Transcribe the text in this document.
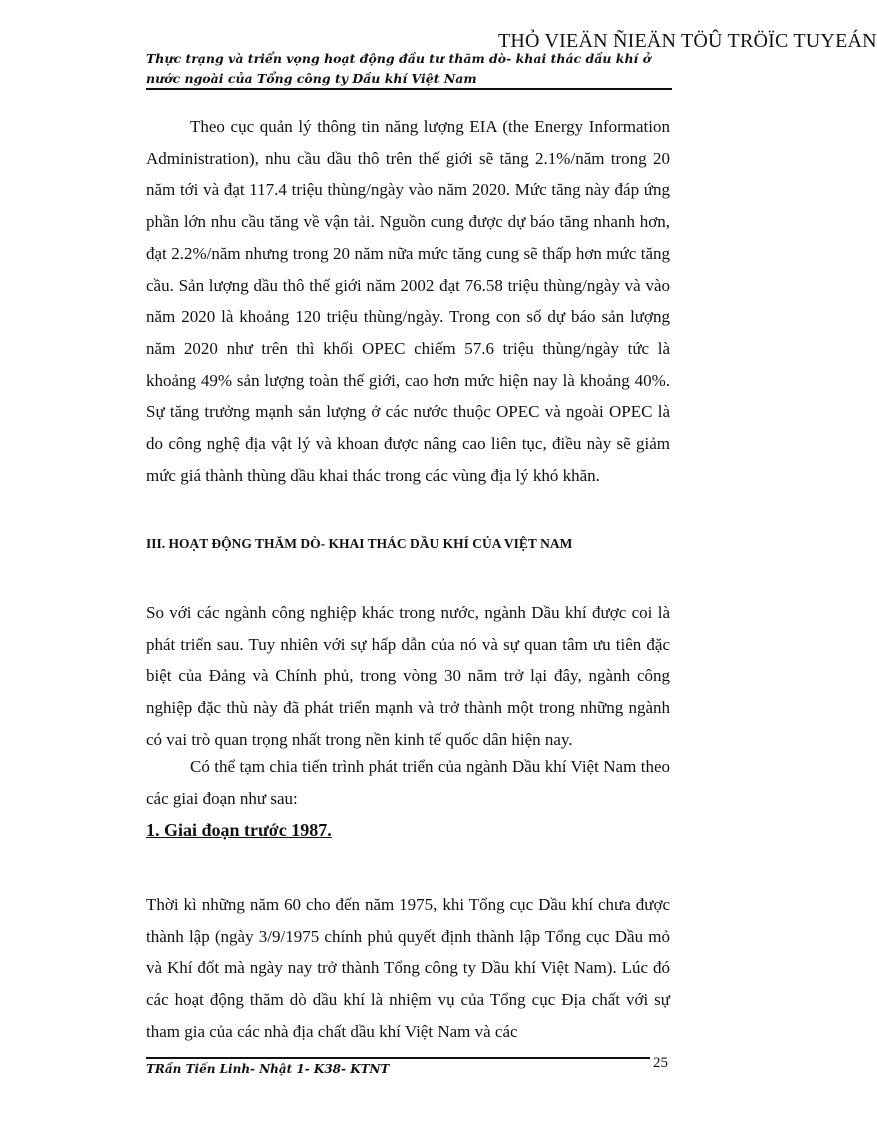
THỎ VIEÄN ÑIEÄN TÖÛ TRÖÏC TUYEÁN
Thực trạng và triển vọng hoạt động đầu tư thăm dò- khai thác dầu khí ở nước ngoài của Tổng công ty Dầu khí Việt Nam

Theo cục quản lý thông tin năng lượng EIA (the Energy Information Administration), nhu cầu dầu thô trên thế giới sẽ tăng 2.1%/năm trong 20 năm tới và đạt 117.4 triệu thùng/ngày vào năm 2020. Mức tăng này đáp ứng phần lớn nhu cầu tăng về vận tải. Nguồn cung được dự báo tăng nhanh hơn, đạt 2.2%/năm nhưng trong 20 năm nữa mức tăng cung sẽ thấp hơn mức tăng cầu. Sản lượng dầu thô thế giới năm 2002 đạt 76.58 triệu thùng/ngày và vào năm 2020 là khoảng 120 triệu thùng/ngày. Trong con số dự báo sản lượng năm 2020 như trên thì khối OPEC chiếm 57.6 triệu thùng/ngày tức là khoảng 49% sản lượng toàn thế giới, cao hơn mức hiện nay là khoảng 40%. Sự tăng trưởng mạnh sản lượng ở các nước thuộc OPEC và ngoài OPEC là do công nghệ địa vật lý và khoan được nâng cao liên tục, điều này sẽ giảm mức giá thành thùng dầu khai thác trong các vùng địa lý khó khăn.

III. HOẠT ĐỘNG THĂM DÒ- KHAI THÁC DẦU KHÍ CỦA VIỆT NAM

So với các ngành công nghiệp khác trong nước, ngành Dầu khí được coi là phát triển sau. Tuy nhiên với sự hấp dẫn của nó và sự quan tâm ưu tiên đặc biệt của Đảng và Chính phủ, trong vòng 30 năm trở lại đây, ngành công nghiệp đặc thù này đã phát triển mạnh và trở thành một trong những ngành có vai trò quan trọng nhất trong nền kinh tế quốc dân hiện nay.

Có thể tạm chia tiến trình phát triển của ngành Dầu khí Việt Nam theo các giai đoạn như sau:

1. Giai đoạn trước 1987.

Thời kì những năm 60 cho đến năm 1975, khi Tổng cục Dầu khí chưa được thành lập (ngày 3/9/1975 chính phủ quyết định thành lập Tổng cục Dầu mỏ và Khí đốt mà ngày nay trở thành Tổng công ty Dầu khí Việt Nam). Lúc đó các hoạt động thăm dò dầu khí là nhiệm vụ của Tổng cục Địa chất với sự tham gia của các nhà địa chất dầu khí Việt Nam và các

TRần Tiến Linh- Nhật 1- K38- KTNT	25
